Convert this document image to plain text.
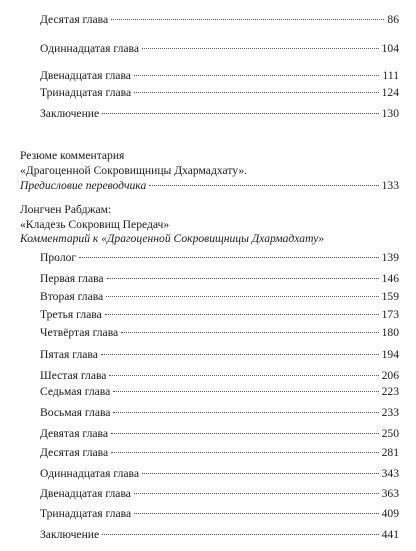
Десятая глава	86
Одиннадцатая глава	104
Двенадцатая глава	111
Тринадцатая глава	124
Заключение	130
Резюме комментария
«Драгоценной Сокровищницы Дхармадхату».
Предисловие переводчика	133
Лонгчен Рабджам:
«Кладезь Сокровищ Передач»
Комментарий к «Драгоценной Сокровищницы Дхармадхату»
Пролог	139
Первая глава	146
Вторая глава	159
Третья глава	173
Четвёртая глава	180
Пятая глава	194
Шестая глава	206
Седьмая глава	223
Восьмая глава	233
Девятая глава	250
Десятая глава	281
Одиннадцатая глава	343
Двенадцатая глава	363
Тринадцатая глава	409
Заключение	441
